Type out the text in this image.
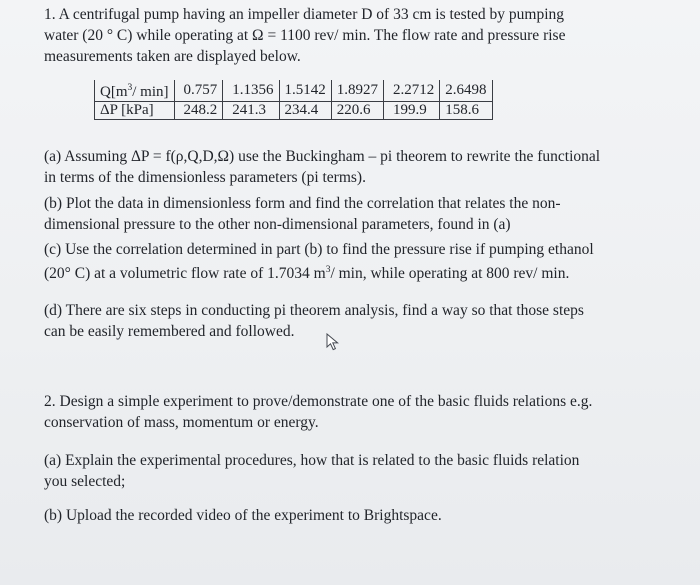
1. A centrifugal pump having an impeller diameter D of 33 cm is tested by pumping
water (20 ° C) while operating at Ω = 1100 rev/ min. The flow rate and pressure rise
measurements taken are displayed below.

$Q[m^3/$ min]		0.757		1.1356	1.5142	1.8927		2.2712	2.6498
ΔP [kPa]		248.2		241.3	234.4	220.6		199.9	158.6

(a) Assuming ΔP = f(ρ,Q,D,Ω) use the Buckingham – pi theorem to rewrite the functional
in terms of the dimensionless parameters (pi terms).

(b) Plot the data in dimensionless form and find the correlation that relates the non-
dimensional pressure to the other non-dimensional parameters, found in (a)

(c) Use the correlation determined in part (b) to find the pressure rise if pumping ethanol
(20° C) at a volumetric flow rate of 1.7034 $m^3/$ min, while operating at 800 rev/ min.

(d) There are six steps in conducting pi theorem analysis, find a way so that those steps
can be easily remembered and followed.

2. Design a simple experiment to prove/demonstrate one of the basic fluids relations e.g.
conservation of mass, momentum or energy.

(a) Explain the experimental procedures, how that is related to the basic fluids relation
you selected;

(b) Upload the recorded video of the experiment to Brightspace.
